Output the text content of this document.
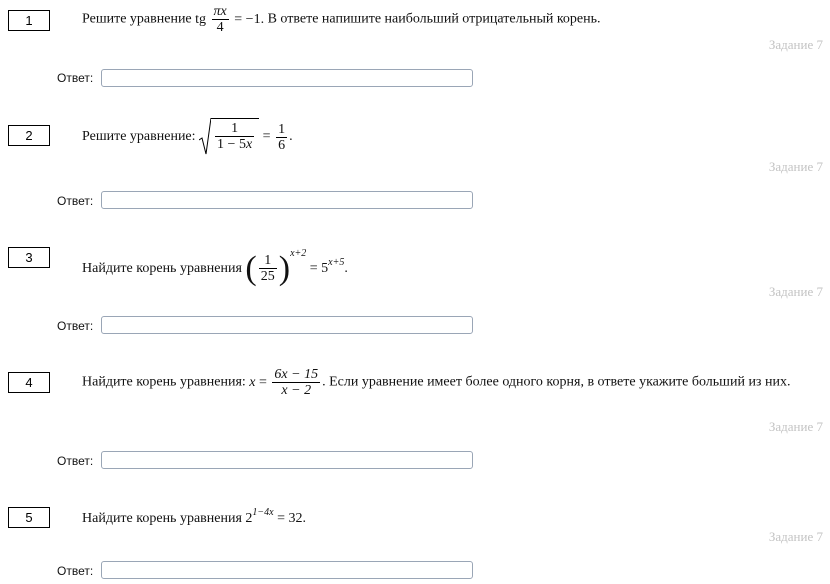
1	Решите уравнение tg $\frac{\pi x}{4} = -1$. В ответе напишите наибольший отрицательный корень.
Задание 7
Ответ:
2	Решите уравнение: $\frac{1}{1 - 5x} = \frac{1}{6}$ .
Задание 7
Ответ:
3
Найдите корень уравнения ( $\frac{1}{25} )^{x+2} = 5^{x+5}$.
Задание 7
Ответ:
4	Найдите корень уравнения: $x = \frac{6x - 15}{x - 2}$ . Если уравнение имеет более одного корня, в ответе укажите больший из них.
Задание 7
Ответ:
5	Найдите корень уравнения $2^{1-4x} = 32$.
Задание 7
Ответ:
